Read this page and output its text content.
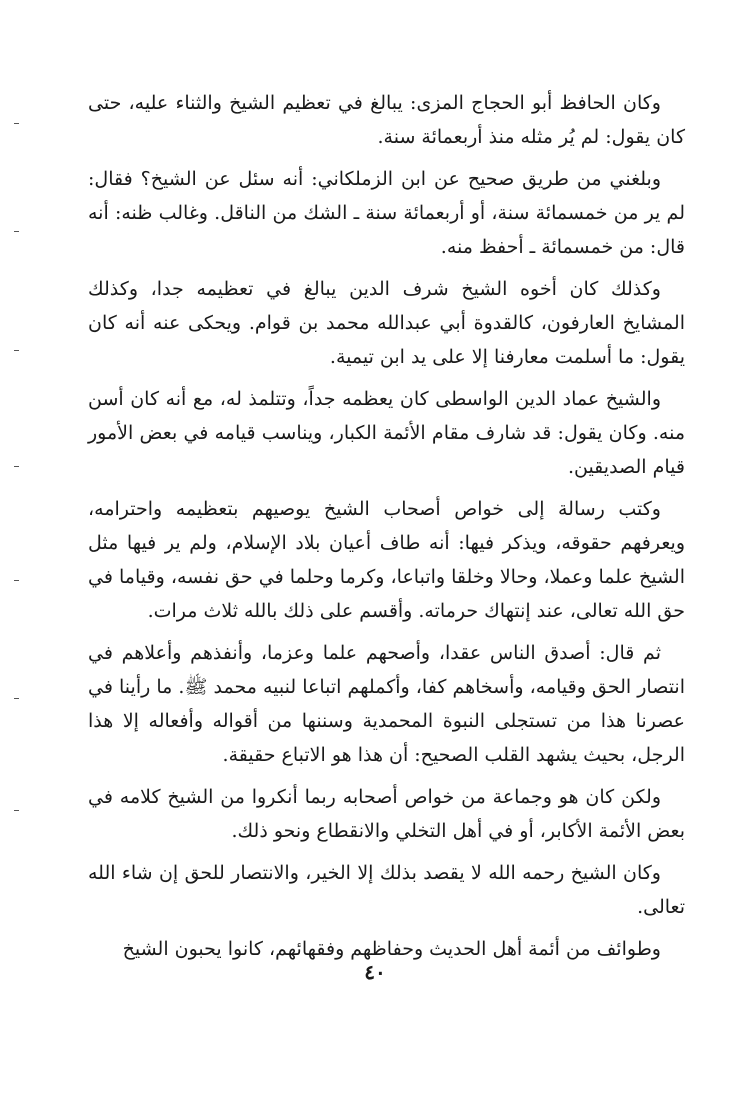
وكان الحافظ أبو الحجاج المزى: يبالغ في تعظيم الشيخ والثناء عليه، حتى كان يقول: لم يُر مثله منذ أربعمائة سنة.

وبلغني من طريق صحيح عن ابن الزملكاني: أنه سئل عن الشيخ؟ فقال: لم ير من خمسمائة سنة، أو أربعمائة سنة ـ الشك من الناقل. وغالب ظنه: أنه قال: من خمسمائة ـ أحفظ منه.

وكذلك كان أخوه الشيخ شرف الدين يبالغ في تعظيمه جدا، وكذلك المشايخ العارفون، كالقدوة أبي عبدالله محمد بن قوام. ويحكى عنه أنه كان يقول: ما أسلمت معارفنا إلا على يد ابن تيمية.

والشيخ عماد الدين الواسطى كان يعظمه جداً، وتتلمذ له، مع أنه كان أسن منه. وكان يقول: قد شارف مقام الأئمة الكبار، ويناسب قيامه في بعض الأمور قيام الصديقين.

وكتب رسالة إلى خواص أصحاب الشيخ يوصيهم بتعظيمه واحترامه، ويعرفهم حقوقه، ويذكر فيها: أنه طاف أعيان بلاد الإسلام، ولم ير فيها مثل الشيخ علما وعملا، وحالا وخلقا واتباعا، وكرما وحلما في حق نفسه، وقياما في حق الله تعالى، عند إنتهاك حرماته. وأقسم على ذلك بالله ثلاث مرات.

ثم قال: أصدق الناس عقدا، وأصحهم علما وعزما، وأنفذهم وأعلاهم في انتصار الحق وقيامه، وأسخاهم كفا، وأكملهم اتباعا لنبيه محمد ﷺ. ما رأينا في عصرنا هذا من تستجلى النبوة المحمدية وسننها من أقواله وأفعاله إلا هذا الرجل، بحيث يشهد القلب الصحيح: أن هذا هو الاتباع حقيقة.

ولكن كان هو وجماعة من خواص أصحابه ربما أنكروا من الشيخ كلامه في بعض الأئمة الأكابر، أو في أهل التخلي والانقطاع ونحو ذلك.

وكان الشيخ رحمه الله لا يقصد بذلك إلا الخير، والانتصار للحق إن شاء الله تعالى.

وطوائف من أئمة أهل الحديث وحفاظهم وفقهائهم، كانوا يحبون الشيخ

٤٠
